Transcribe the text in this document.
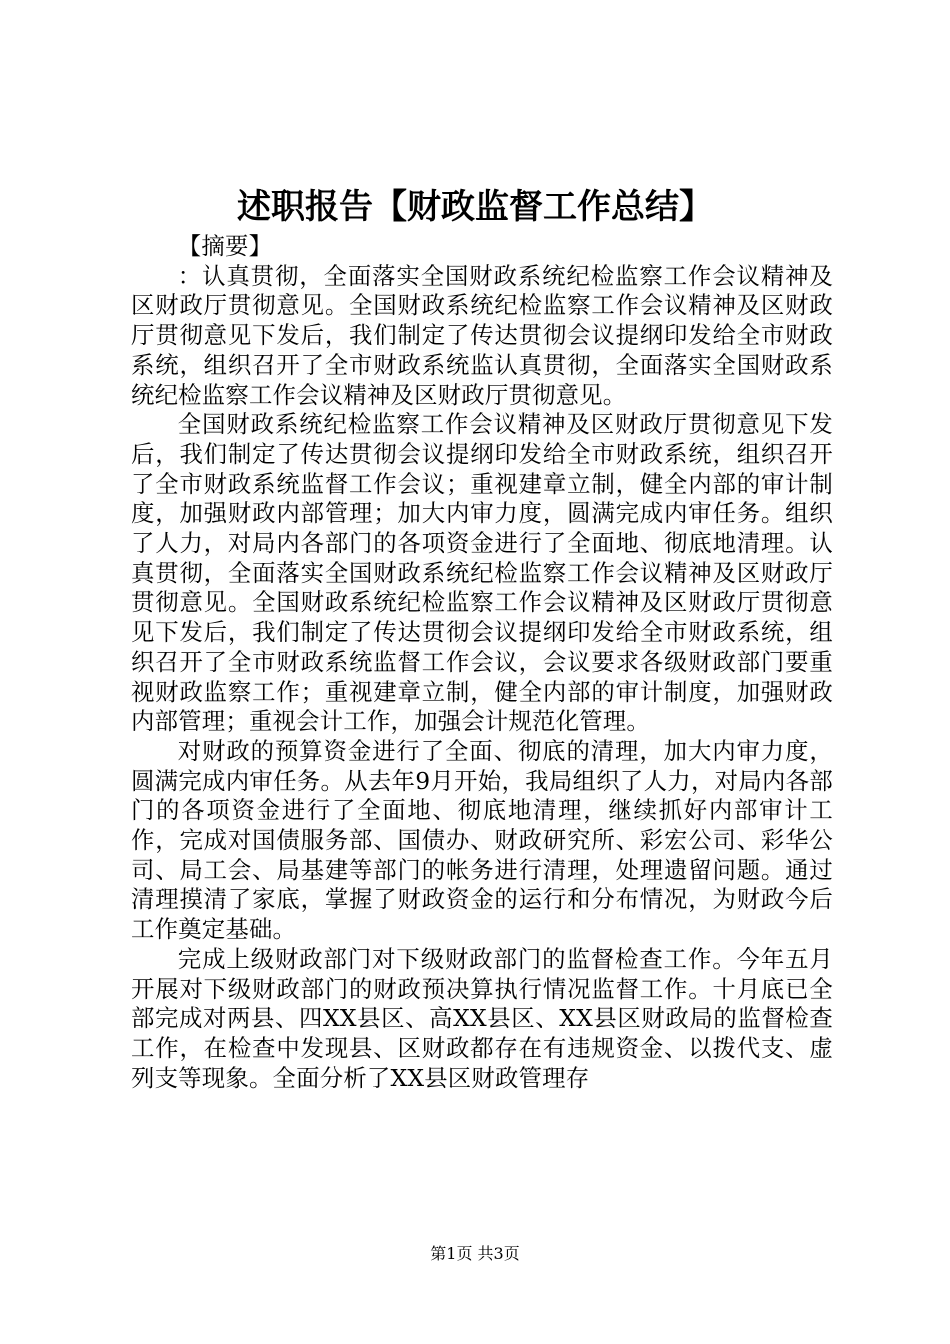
述职报告【财政监督工作总结】

【摘要】

：认真贯彻，全面落实全国财政系统纪检监察工作会议精神及区财政厅贯彻意见。全国财政系统纪检监察工作会议精神及区财政厅贯彻意见下发后，我们制定了传达贯彻会议提纲印发给全市财政系统，组织召开了全市财政系统监认真贯彻，全面落实全国财政系统纪检监察工作会议精神及区财政厅贯彻意见。

全国财政系统纪检监察工作会议精神及区财政厅贯彻意见下发后，我们制定了传达贯彻会议提纲印发给全市财政系统，组织召开了全市财政系统监督工作会议；重视建章立制，健全内部的审计制度，加强财政内部管理；加大内审力度，圆满完成内审任务。组织了人力，对局内各部门的各项资金进行了全面地、彻底地清理。认真贯彻，全面落实全国财政系统纪检监察工作会议精神及区财政厅贯彻意见。全国财政系统纪检监察工作会议精神及区财政厅贯彻意见下发后，我们制定了传达贯彻会议提纲印发给全市财政系统，组织召开了全市财政系统监督工作会议，会议要求各级财政部门要重视财政监察工作；重视建章立制，健全内部的审计制度，加强财政内部管理；重视会计工作，加强会计规范化管理。

对财政的预算资金进行了全面、彻底的清理，加大内审力度，圆满完成内审任务。从去年9月开始，我局组织了人力，对局内各部门的各项资金进行了全面地、彻底地清理，继续抓好内部审计工作，完成对国债服务部、国债办、财政研究所、彩宏公司、彩华公司、局工会、局基建等部门的帐务进行清理，处理遗留问题。通过清理摸清了家底，掌握了财政资金的运行和分布情况，为财政今后工作奠定基础。

完成上级财政部门对下级财政部门的监督检查工作。今年五月开展对下级财政部门的财政预决算执行情况监督工作。十月底已全部完成对两县、四XX县区、高XX县区、XX县区财政局的监督检查工作，在检查中发现县、区财政都存在有违规资金、以拨代支、虚列支等现象。全面分析了XX县区财政管理存

第1页 共3页
